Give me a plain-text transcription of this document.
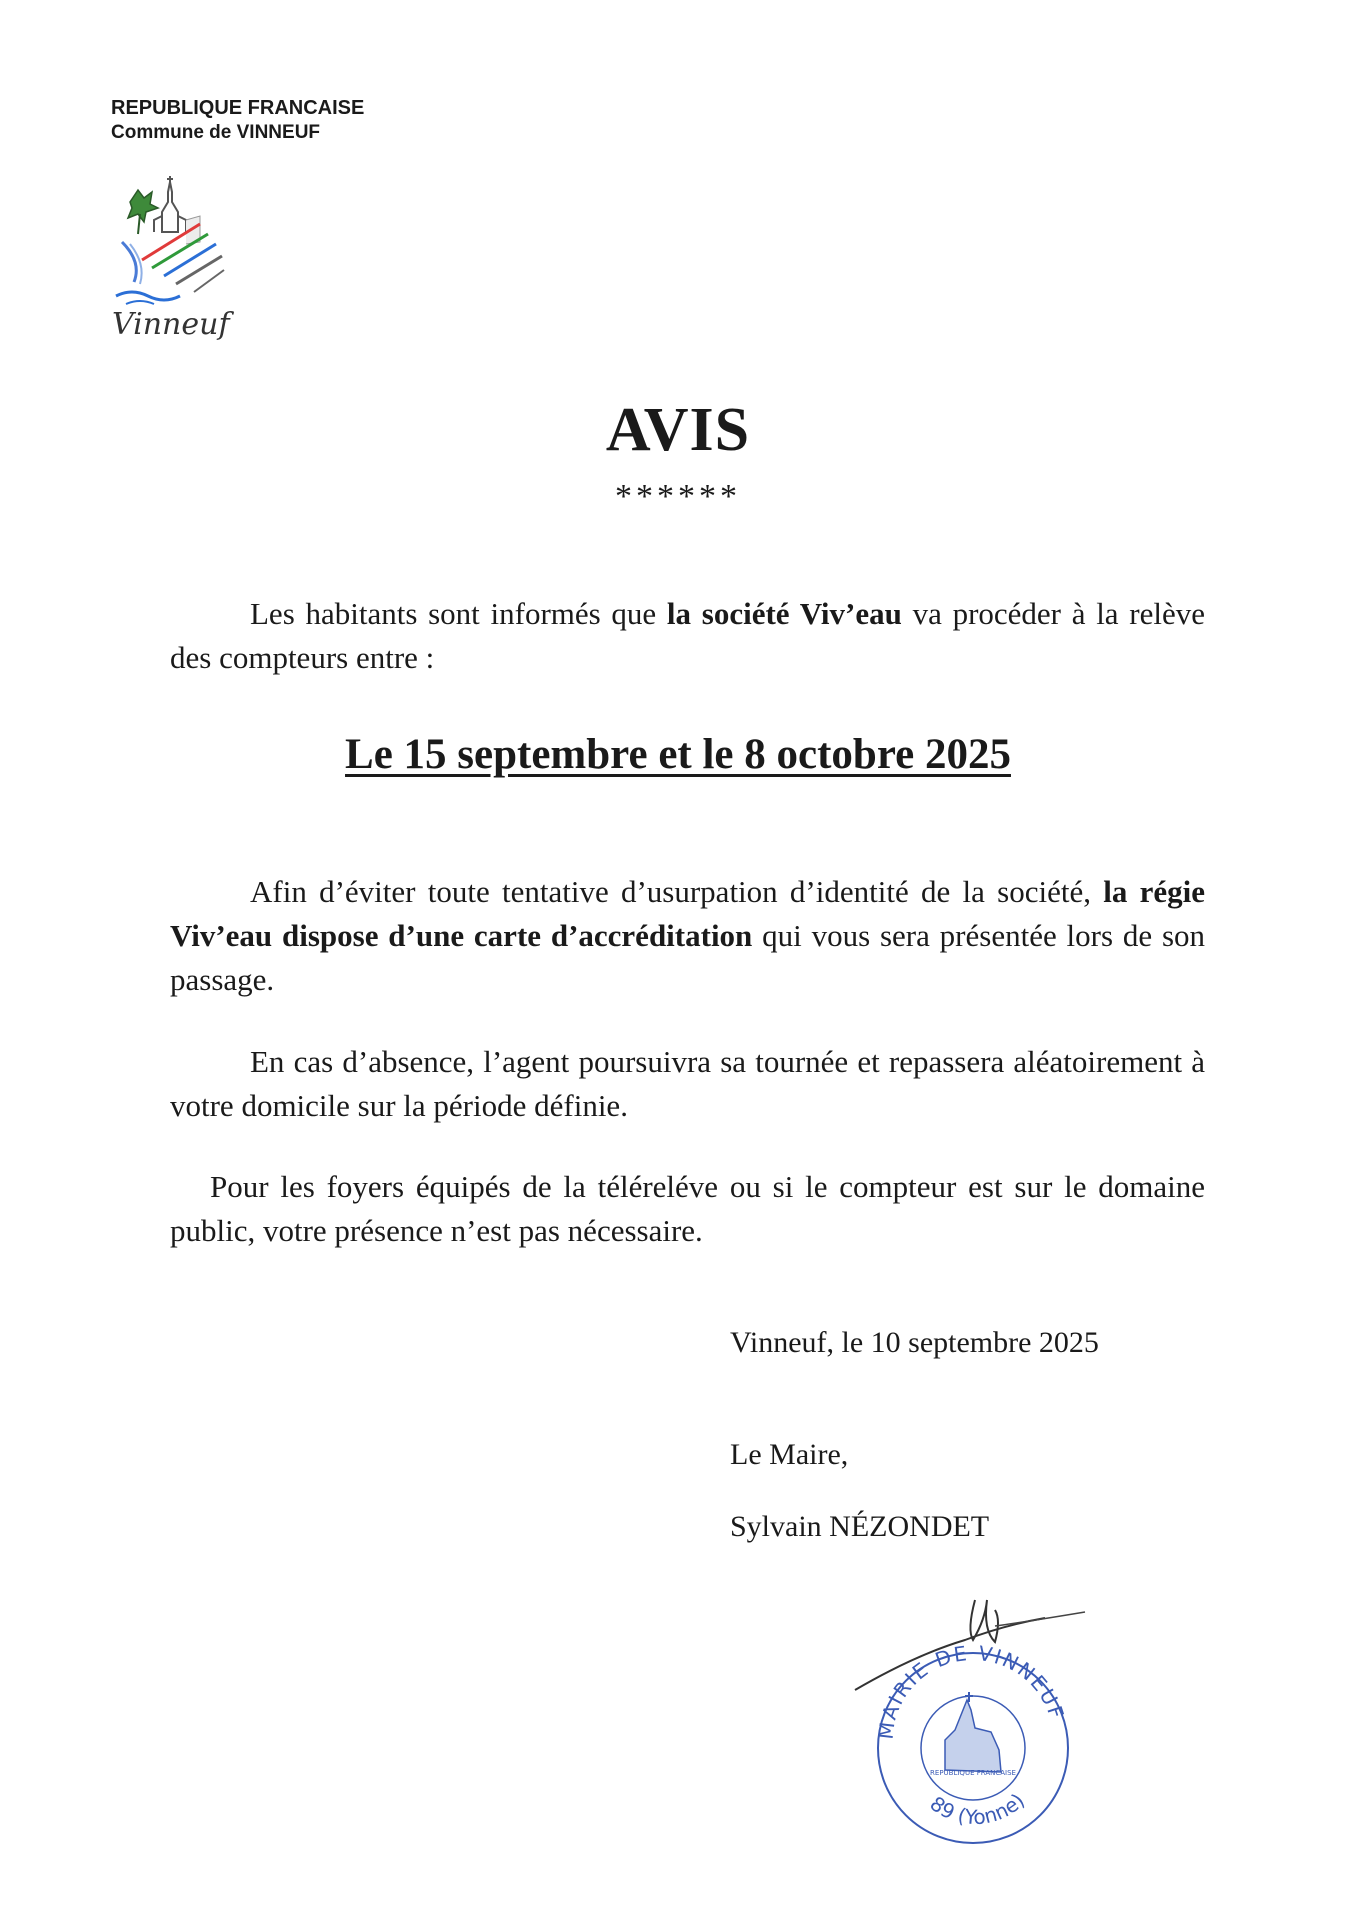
REPUBLIQUE FRANCAISE
Commune de VINNEUF
Vinneuf
AVIS
******
Les habitants sont informés que la société Viv’eau va procéder à la relève des compteurs entre :
Le 15 septembre et le 8 octobre 2025
Afin d’éviter toute tentative d’usurpation d’identité de la société, la régie Viv’eau dispose d’une carte d’accréditation qui vous sera présentée lors de son passage.
En cas d’absence, l’agent poursuivra sa tournée et repassera aléatoirement à votre domicile sur la période définie.
Pour les foyers équipés de la téléreléve ou si le compteur est sur le domaine public, votre présence n’est pas nécessaire.
Vinneuf, le 10 septembre 2025
Le Maire,
Sylvain NÉZONDET
MAIRIE DE VINNEUF
REPUBLIQUE FRANCAISE
89 (Yonne)
